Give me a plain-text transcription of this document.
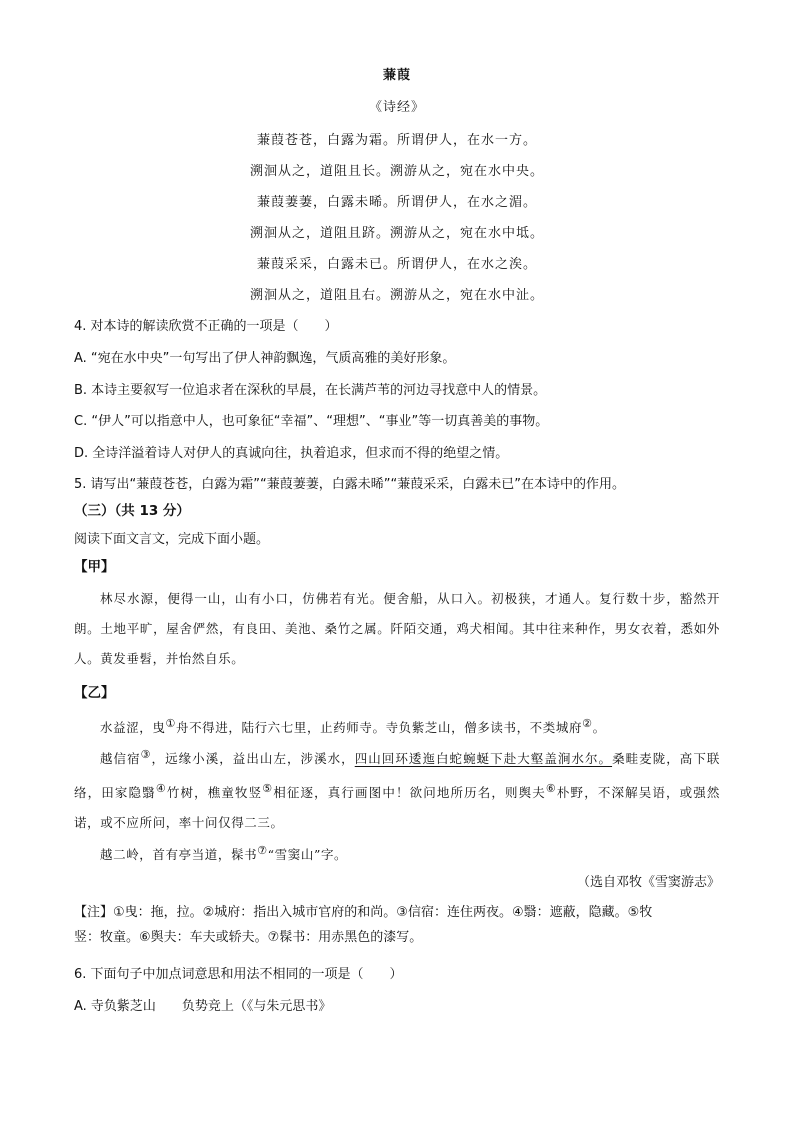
蒹葭
《诗经》
蒹葭苍苍，白露为霜。所谓伊人，在水一方。
溯洄从之，道阻且长。溯游从之，宛在水中央。
蒹葭萋萋，白露未晞。所谓伊人，在水之湄。
溯洄从之，道阻且跻。溯游从之，宛在水中坻。
蒹葭采采，白露未已。所谓伊人，在水之涘。
溯洄从之，道阻且右。溯游从之，宛在水中沚。
4. 对本诗的解读欣赏不正确的一项是（　　）
A. “宛在水中央”一句写出了伊人神韵飘逸，气质高雅的美好形象。
B. 本诗主要叙写一位追求者在深秋的早晨，在长满芦苇的河边寻找意中人的情景。
C. “伊人”可以指意中人，也可象征“幸福”、“理想”、“事业”等一切真善美的事物。
D. 全诗洋溢着诗人对伊人的真诚向往，执着追求，但求而不得的绝望之情。
5. 请写出“蒹葭苍苍，白露为霜”“蒹葭萋萋，白露未晞”“蒹葭采采，白露未已”在本诗中的作用。
（三）（共 13 分）
阅读下面文言文，完成下面小题。
【甲】
林尽水源，便得一山，山有小口，仿佛若有光。便舍船，从口入。初极狭，才通人。复行数十步，豁然开朗。土地平旷，屋舍俨然，有良田、美池、桑竹之属。阡陌交通，鸡犬相闻。其中往来种作，男女衣着，悉如外人。黄发垂髫，并怡然自乐。
【乙】
水益涩，曳①舟不得进，陆行六七里，止药师寺。寺负紫芝山，僧多读书，不类城府②。
越信宿③，远缘小溪，益出山左，涉溪水，四山回环逶迤白蛇蜿蜒下赴大壑盖涧水尔。桑畦麦陇，高下联络，田家隐翳④竹树，樵童牧竖⑤相征逐，真行画图中！欲问地所历名，则舆夫⑥朴野，不深解吴语，或强然诺，或不应所问，率十问仅得二三。
越二岭，首有亭当道，髹书⑦“雪窦山”字。
（选自邓牧《雪窦游志》
【注】①曳：拖，拉。②城府：指出入城市官府的和尚。③信宿：连住两夜。④翳：遮蔽，隐藏。⑤牧
竖：牧童。⑥舆夫：车夫或轿夫。⑦髹书：用赤黑色的漆写。
6. 下面句子中加点词意思和用法不相同的一项是（　　）
A. 寺负紫芝山　　负势竞上（《与朱元思书》
